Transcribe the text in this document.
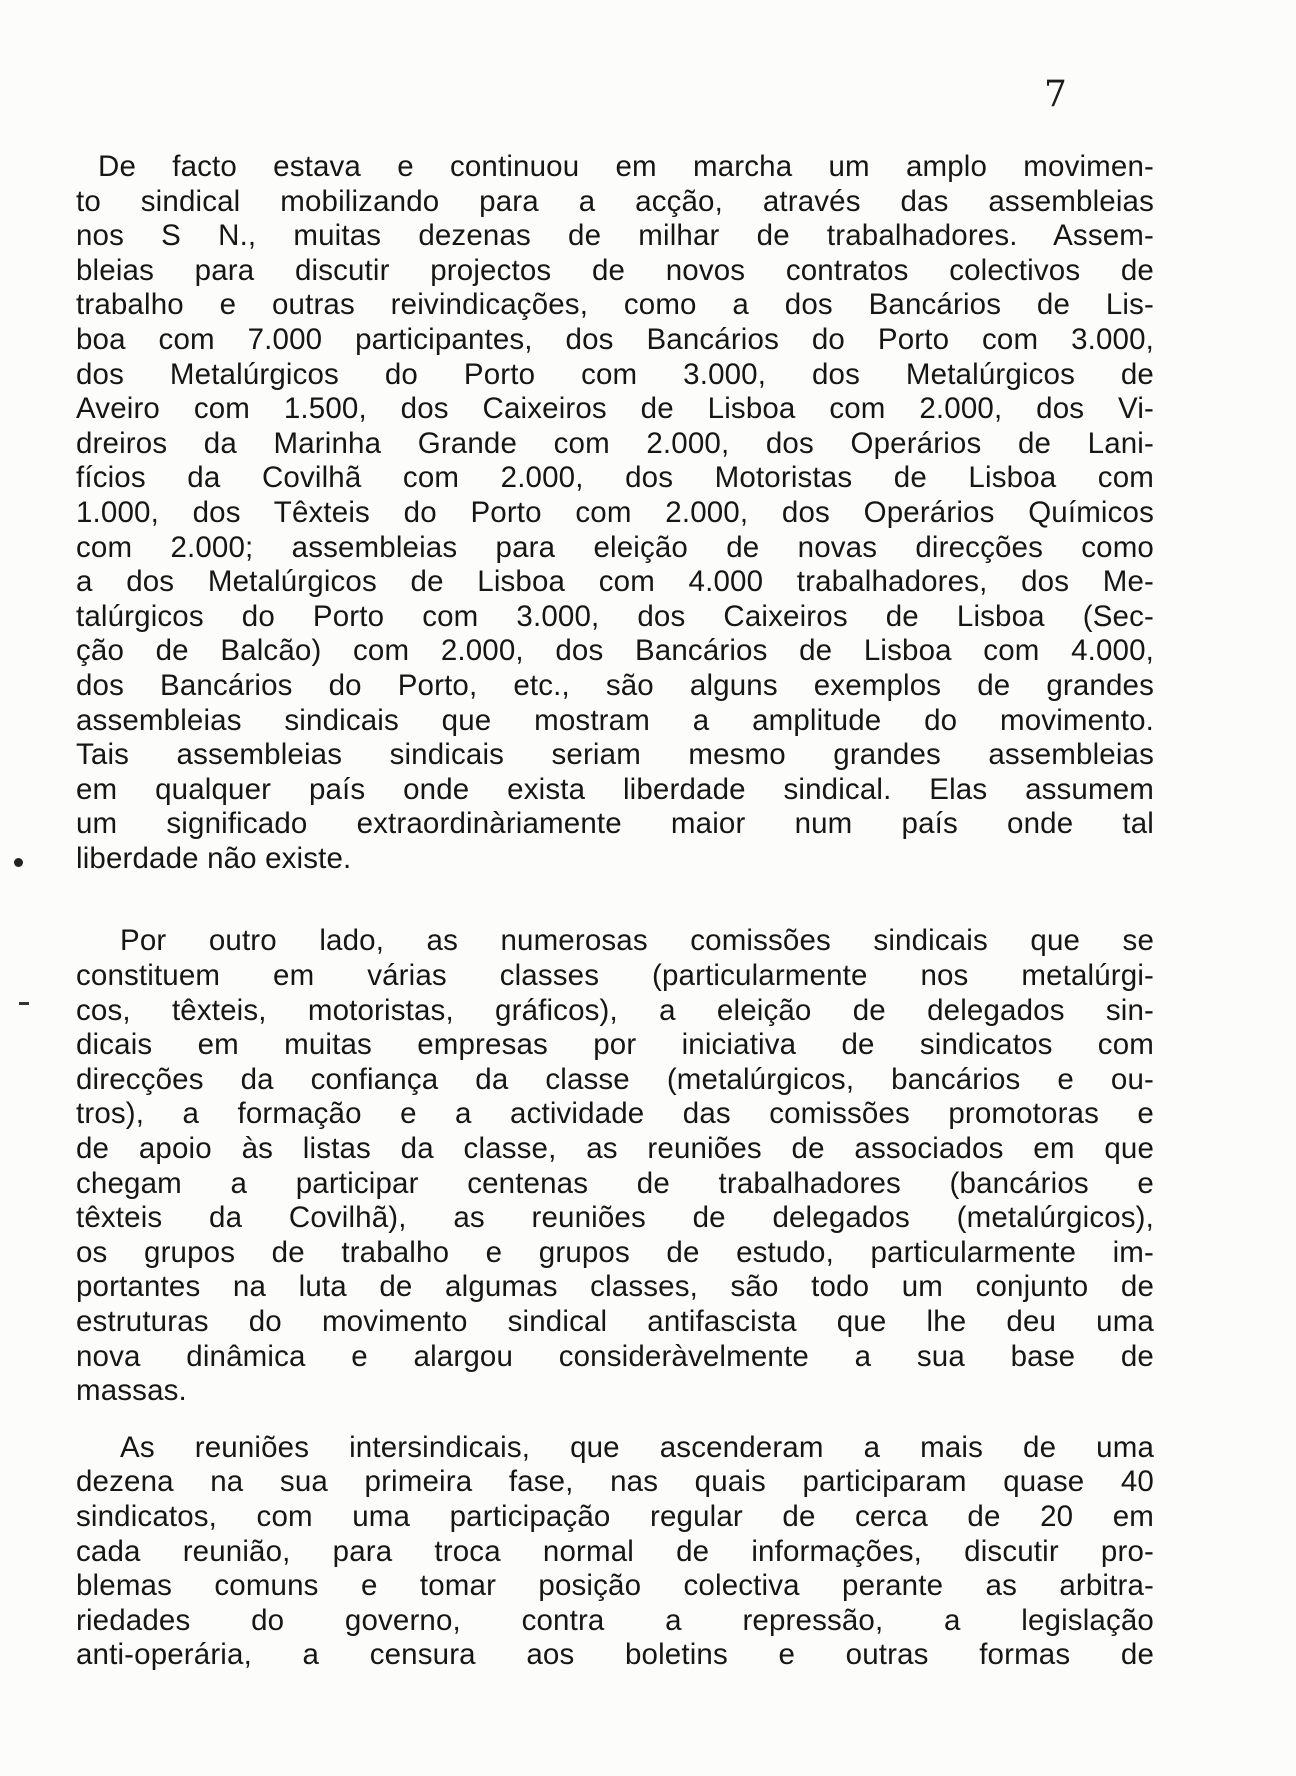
7
De facto estava e continuou em marcha um amplo movimen-
to sindical mobilizando para a acção, através das assembleias
nos S N., muitas dezenas de milhar de trabalhadores. Assem-
bleias para discutir projectos de novos contratos colectivos de
trabalho e outras reivindicações, como a dos Bancários de Lis-
boa com 7.000 participantes, dos Bancários do Porto com 3.000,
dos Metalúrgicos do Porto com 3.000, dos Metalúrgicos de
Aveiro com 1.500, dos Caixeiros de Lisboa com 2.000, dos Vi-
dreiros da Marinha Grande com 2.000, dos Operários de Lani-
fícios da Covilhã com 2.000, dos Motoristas de Lisboa com
1.000, dos Têxteis do Porto com 2.000, dos Operários Químicos
com 2.000; assembleias para eleição de novas direcções como
a dos Metalúrgicos de Lisboa com 4.000 trabalhadores, dos Me-
talúrgicos do Porto com 3.000, dos Caixeiros de Lisboa (Sec-
ção de Balcão) com 2.000, dos Bancários de Lisboa com 4.000,
dos Bancários do Porto, etc., são alguns exemplos de grandes
assembleias sindicais que mostram a amplitude do movimento.
Tais assembleias sindicais seriam mesmo grandes assembleias
em qualquer país onde exista liberdade sindical. Elas assumem
um significado extraordinàriamente maior num país onde tal
liberdade não existe.
Por outro lado, as numerosas comissões sindicais que se
constituem em várias classes (particularmente nos metalúrgi-
cos, têxteis, motoristas, gráficos), a eleição de delegados sin-
dicais em muitas empresas por iniciativa de sindicatos com
direcções da confiança da classe (metalúrgicos, bancários e ou-
tros), a formação e a actividade das comissões promotoras e
de apoio às listas da classe, as reuniões de associados em que
chegam a participar centenas de trabalhadores (bancários e
têxteis da Covilhã), as reuniões de delegados (metalúrgicos),
os grupos de trabalho e grupos de estudo, particularmente im-
portantes na luta de algumas classes, são todo um conjunto de
estruturas do movimento sindical antifascista que lhe deu uma
nova dinâmica e alargou consideràvelmente a sua base de
massas.
As reuniões intersindicais, que ascenderam a mais de uma
dezena na sua primeira fase, nas quais participaram quase 40
sindicatos, com uma participação regular de cerca de 20 em
cada reunião, para troca normal de informações, discutir pro-
blemas comuns e tomar posição colectiva perante as arbitra-
riedades do governo, contra a repressão, a legislação
anti-operária, a censura aos boletins e outras formas de
